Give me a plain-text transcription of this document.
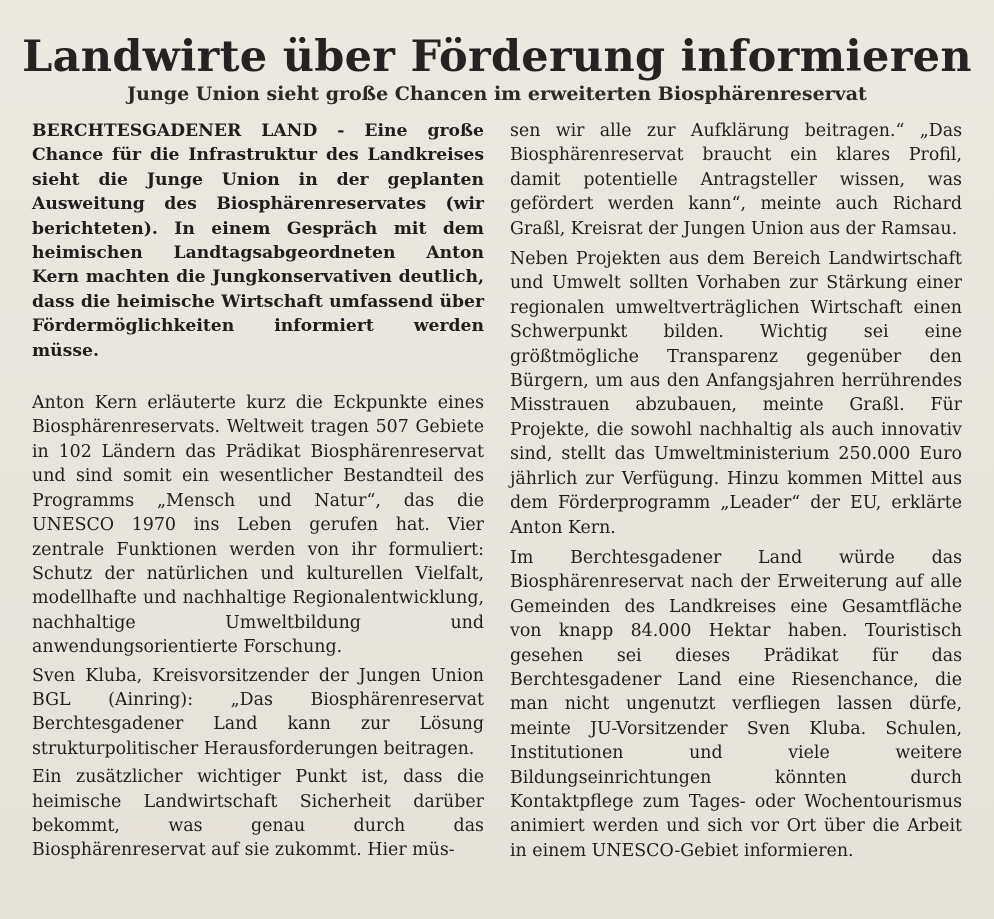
Landwirte über Förderung informieren
Junge Union sieht große Chancen im erweiterten Biosphärenreservat

BERCHTESGADENER LAND - Eine große Chance für die Infrastruktur des Landkreises sieht die Junge Union in der geplanten Ausweitung des Biosphärenreservates (wir berichteten). In einem Gespräch mit dem heimischen Landtagsabgeordneten Anton Kern machten die Jungkonservativen deutlich, dass die heimische Wirtschaft umfassend über Fördermöglichkeiten informiert werden müsse.

Anton Kern erläuterte kurz die Eckpunkte eines Biosphärenreservats. Weltweit tragen 507 Gebiete in 102 Ländern das Prädikat Biosphärenreservat und sind somit ein wesentlicher Bestandteil des Programms „Mensch und Natur“, das die UNESCO 1970 ins Leben gerufen hat. Vier zentrale Funktionen werden von ihr formuliert: Schutz der natürlichen und kulturellen Vielfalt, modellhafte und nachhaltige Regionalentwicklung, nachhaltige Umweltbildung und anwendungsorientierte Forschung.

Sven Kluba, Kreisvorsitzender der Jungen Union BGL (Ainring): „Das Biosphärenreservat Berchtesgadener Land kann zur Lösung strukturpolitischer Herausforderungen beitragen.

Ein zusätzlicher wichtiger Punkt ist, dass die heimische Landwirtschaft Sicherheit darüber bekommt, was genau durch das Biosphärenreservat auf sie zukommt. Hier müs-

sen wir alle zur Aufklärung beitragen.“ „Das Biosphärenreservat braucht ein klares Profil, damit potentielle Antragsteller wissen, was gefördert werden kann“, meinte auch Richard Graßl, Kreisrat der Jungen Union aus der Ramsau.

Neben Projekten aus dem Bereich Landwirtschaft und Umwelt sollten Vorhaben zur Stärkung einer regionalen umweltverträglichen Wirtschaft einen Schwerpunkt bilden. Wichtig sei eine größtmögliche Transparenz gegenüber den Bürgern, um aus den Anfangsjahren herrührendes Misstrauen abzubauen, meinte Graßl. Für Projekte, die sowohl nachhaltig als auch innovativ sind, stellt das Umweltministerium 250.000 Euro jährlich zur Verfügung. Hinzu kommen Mittel aus dem Förderprogramm „Leader“ der EU, erklärte Anton Kern.

Im Berchtesgadener Land würde das Biosphärenreservat nach der Erweiterung auf alle Gemeinden des Landkreises eine Gesamtfläche von knapp 84.000 Hektar haben. Touristisch gesehen sei dieses Prädikat für das Berchtesgadener Land eine Riesenchance, die man nicht ungenutzt verfliegen lassen dürfe, meinte JU-Vorsitzender Sven Kluba. Schulen, Institutionen und viele weitere Bildungseinrichtungen könnten durch Kontaktpflege zum Tages- oder Wochentourismus animiert werden und sich vor Ort über die Arbeit in einem UNESCO-Gebiet informieren.
